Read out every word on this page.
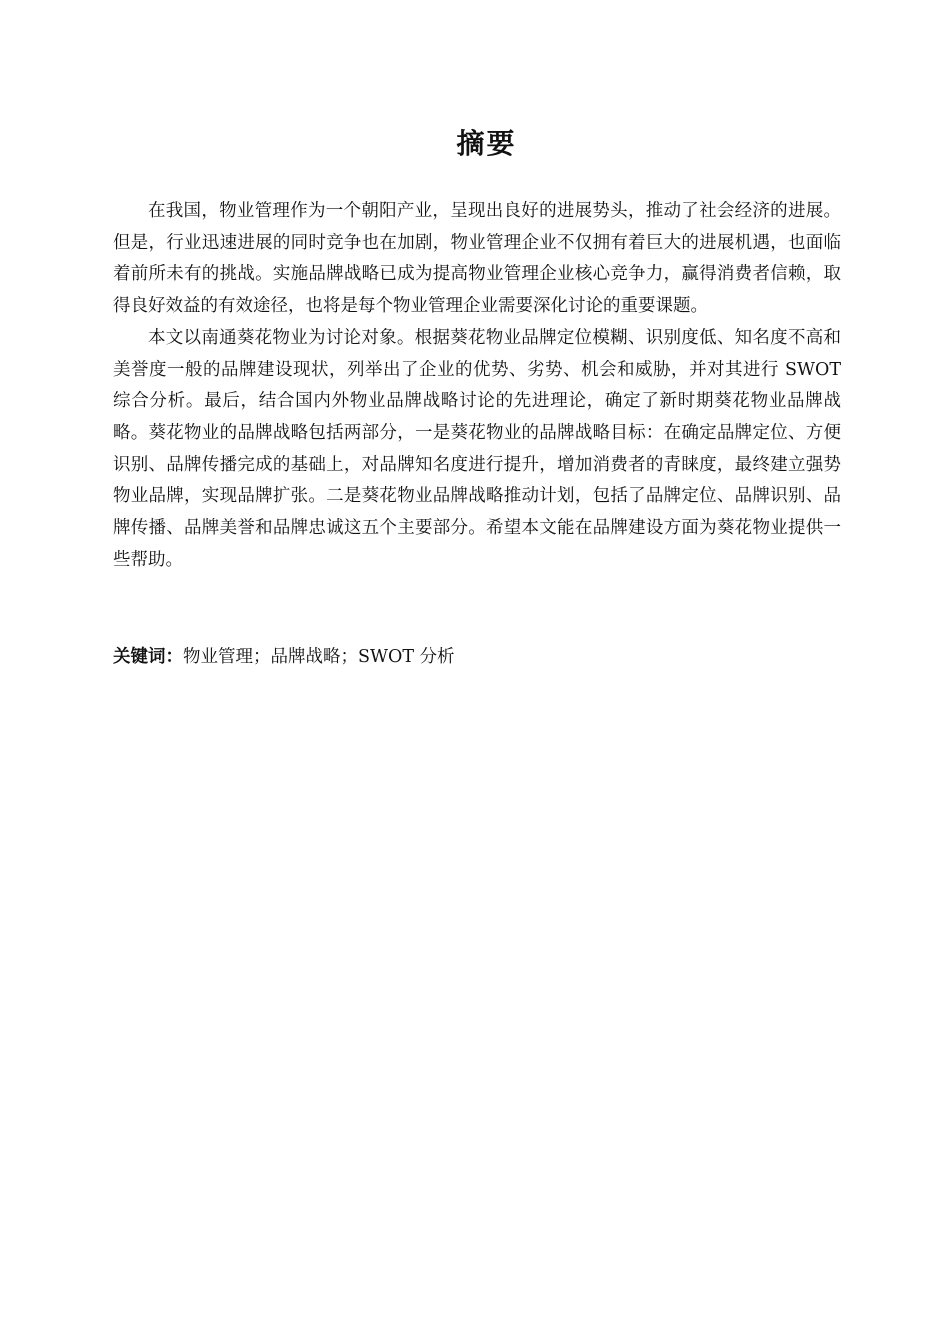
摘要

在我国，物业管理作为一个朝阳产业，呈现出良好的进展势头，推动了社会经济的进展。但是，行业迅速进展的同时竞争也在加剧，物业管理企业不仅拥有着巨大的进展机遇，也面临着前所未有的挑战。实施品牌战略已成为提高物业管理企业核心竞争力，赢得消费者信赖，取得良好效益的有效途径，也将是每个物业管理企业需要深化讨论的重要课题。

本文以南通葵花物业为讨论对象。根据葵花物业品牌定位模糊、识别度低、知名度不高和美誉度一般的品牌建设现状，列举出了企业的优势、劣势、机会和威胁，并对其进行 SWOT 综合分析。最后，结合国内外物业品牌战略讨论的先进理论，确定了新时期葵花物业品牌战略。葵花物业的品牌战略包括两部分，一是葵花物业的品牌战略目标：在确定品牌定位、方便识别、品牌传播完成的基础上，对品牌知名度进行提升，增加消费者的青睐度，最终建立强势物业品牌，实现品牌扩张。二是葵花物业品牌战略推动计划，包括了品牌定位、品牌识别、品牌传播、品牌美誉和品牌忠诚这五个主要部分。希望本文能在品牌建设方面为葵花物业提供一些帮助。

关键词：物业管理；品牌战略；SWOT 分析
